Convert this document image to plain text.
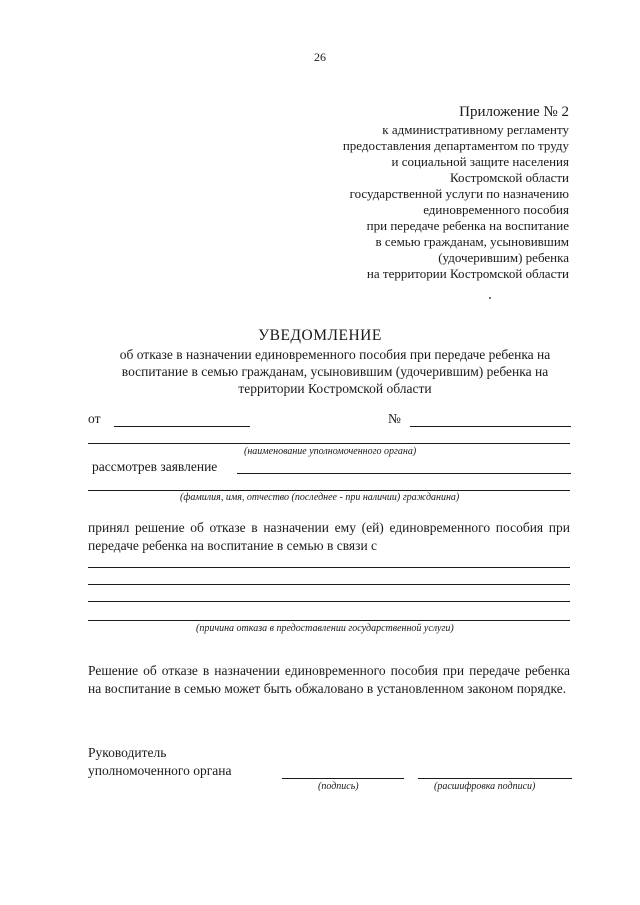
26
Приложение № 2
к административному регламенту
предоставления департаментом по труду
и социальной защите населения
Костромской области
государственной услуги по назначению
единовременного пособия
при передаче ребенка на воспитание
в семью гражданам, усыновившим
(удочерившим) ребенка
на территории Костромской области
УВЕДОМЛЕНИЕ
об отказе в назначении единовременного пособия при передаче ребенка на
воспитание в семью гражданам, усыновившим (удочерившим) ребенка на
территории Костромской области
от	№
(наименование уполномоченного органа)
рассмотрев заявление
(фамилия, имя, отчество (последнее - при наличии) гражданина)
принял решение об отказе в назначении ему (ей) единовременного пособия при передаче ребенка на воспитание в семью в связи с
(причина отказа в предоставлении государственной услуги)
Решение об отказе в назначении единовременного пособия при передаче ребенка на воспитание в семью может быть обжаловано в установленном законом порядке.
Руководитель
уполномоченного органа
(подпись)	(расшифровка подписи)
